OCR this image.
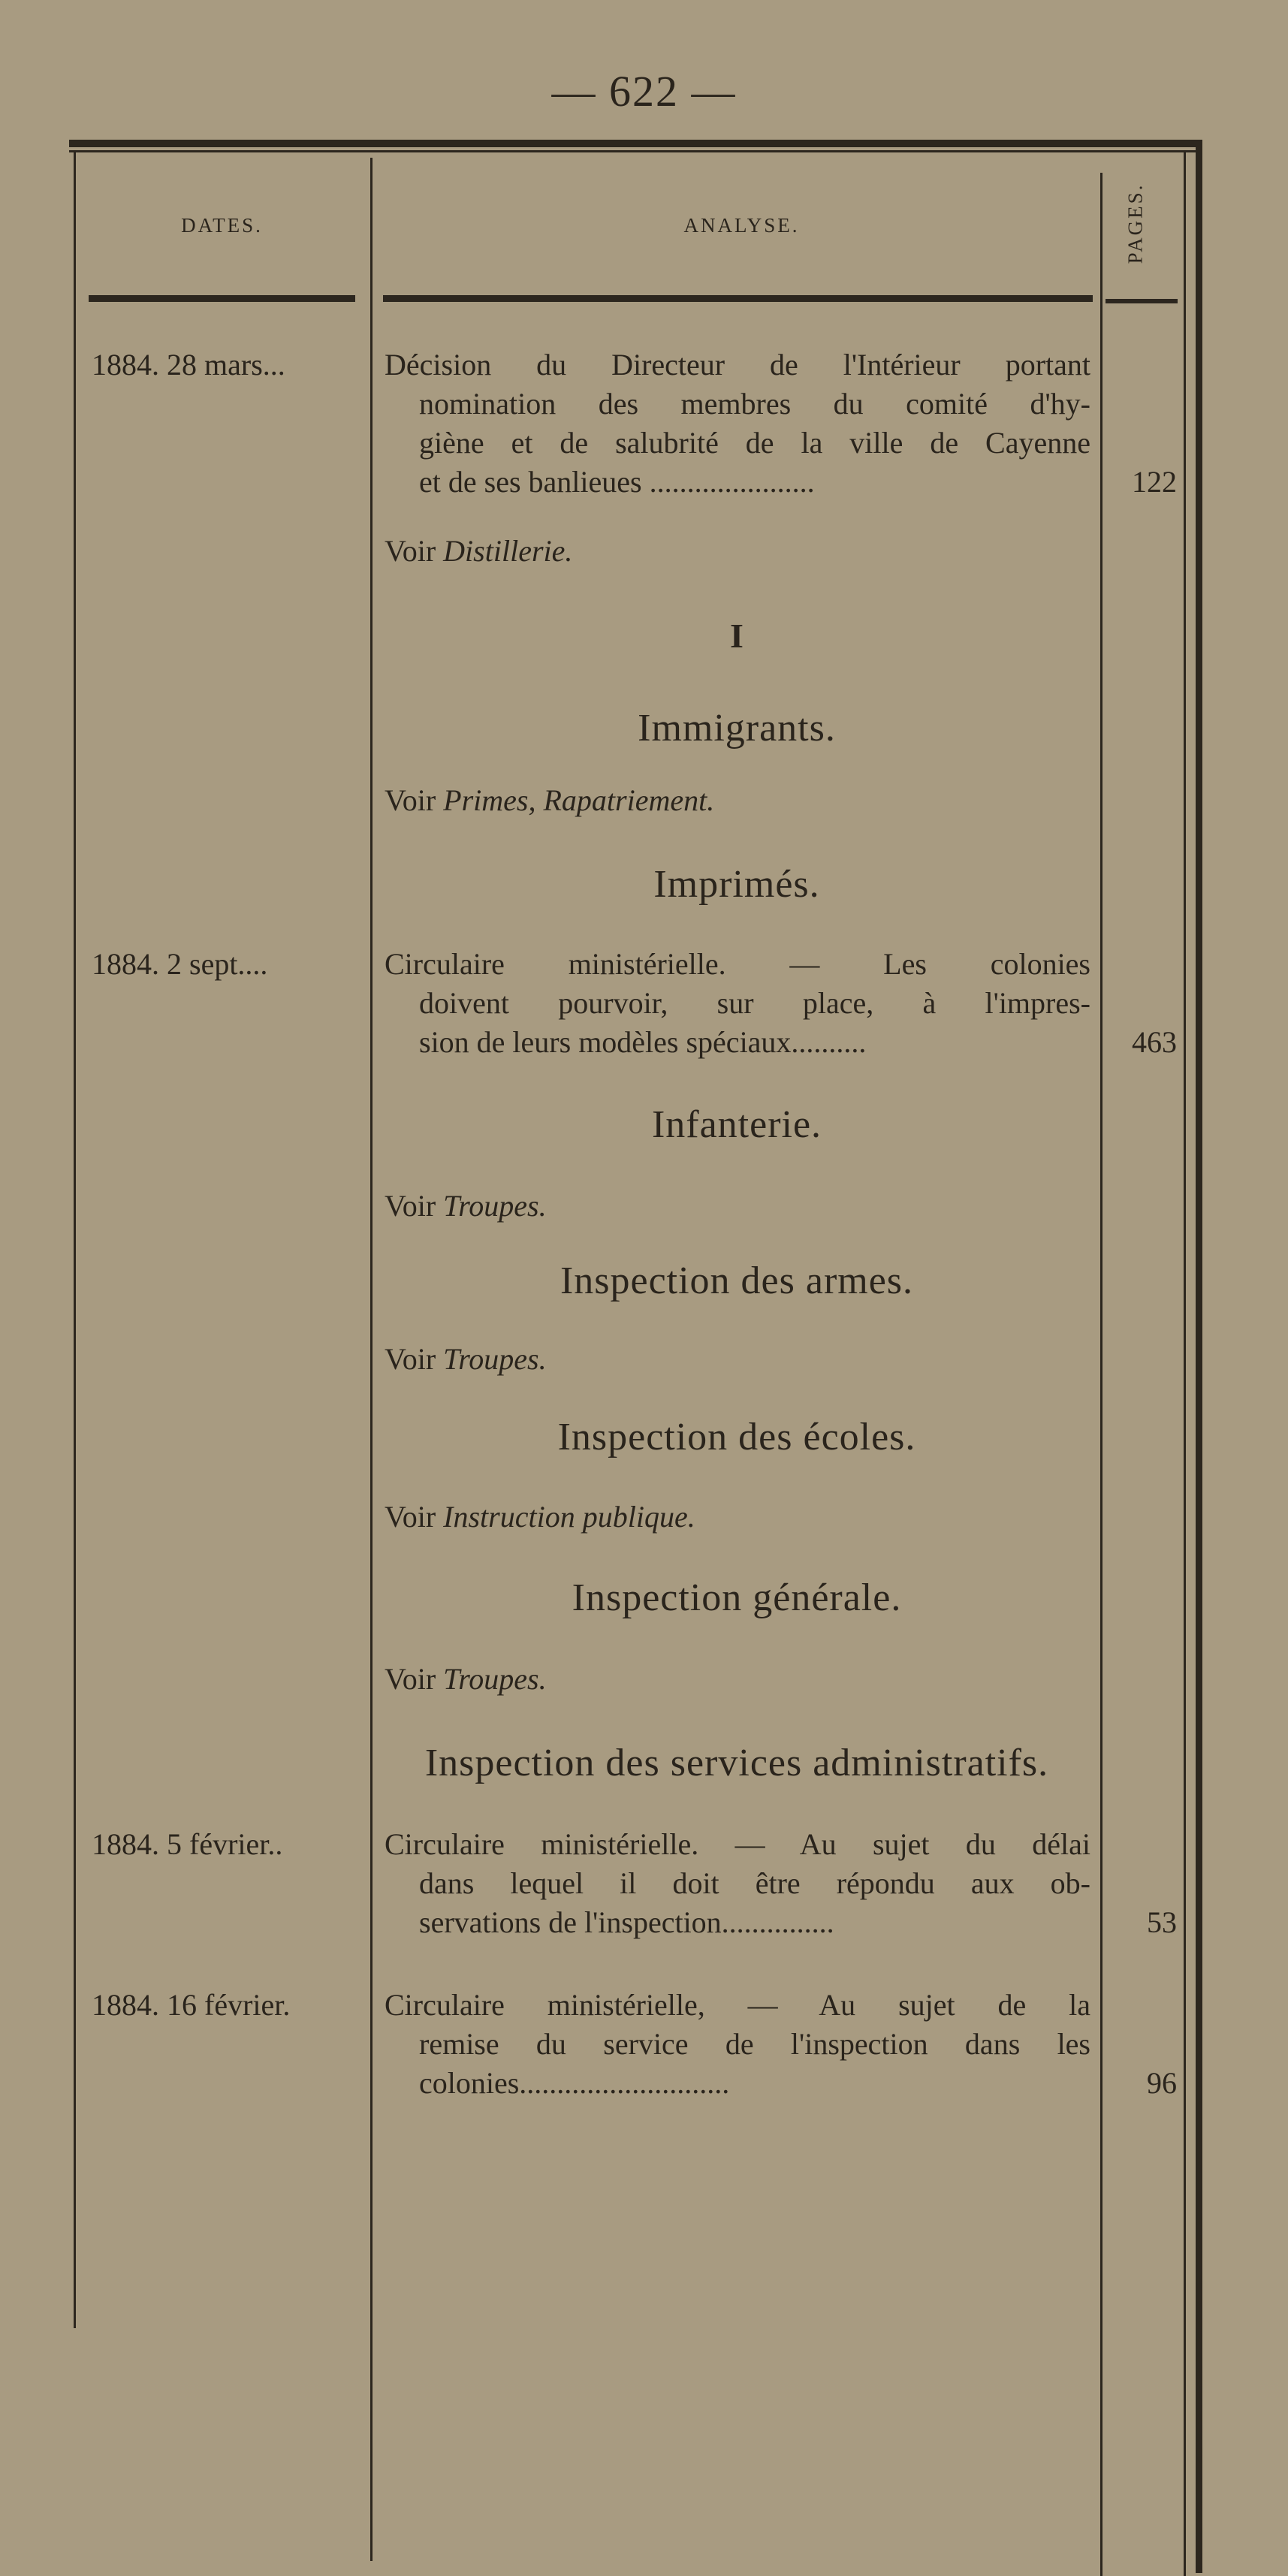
— 622 —
DATES.	ANALYSE.	PAGES.
1884. 28 mars...	Décision du Directeur de l'Intérieur portant
nomination des membres du comité d'hy-
giène et de salubrité de la ville de Cayenne
et de ses banlieues ......................	122
Voir Distillerie.
I
Immigrants.
Voir Primes, Rapatriement.
Imprimés.
1884. 2 sept....	Circulaire ministérielle. — Les colonies
doivent pourvoir, sur place, à l'impres-
sion de leurs modèles spéciaux..........	463
Infanterie.
Voir Troupes.
Inspection des armes.
Voir Troupes.
Inspection des écoles.
Voir Instruction publique.
Inspection générale.
Voir Troupes.
Inspection des services administratifs.
1884. 5 février..	Circulaire ministérielle. — Au sujet du délai
dans lequel il doit être répondu aux ob-
servations de l'inspection...............	53
1884. 16 février.	Circulaire ministérielle, — Au sujet de la
remise du service de l'inspection dans les
colonies............................	96
